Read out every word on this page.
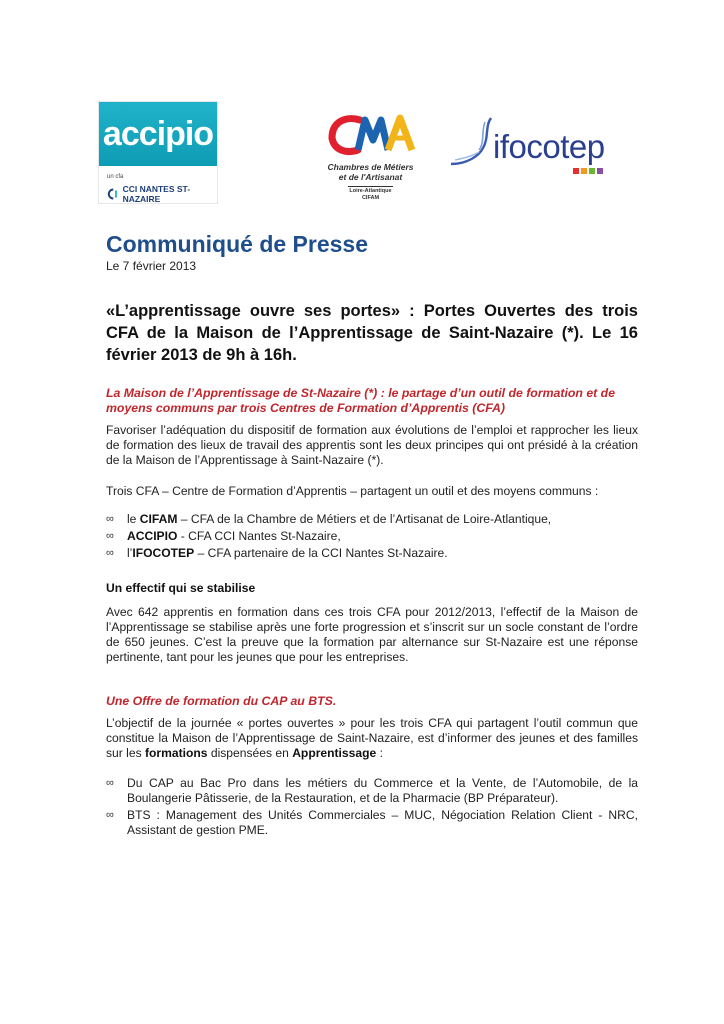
accipio
un cfa
CCI NANTES ST-NAZAIRE
Chambres de Métiers
et de l'Artisanat
Loire-Atlantique
CIFAM
ifocotep
Communiqué de Presse
Le 7 février 2013

«L’apprentissage ouvre ses portes» : Portes Ouvertes des trois CFA de la Maison de l’Apprentissage de Saint-Nazaire (*). Le 16 février 2013 de 9h à 16h.

La Maison de l’Apprentissage de St-Nazaire (*) : le partage d’un outil de formation et de moyens communs par trois Centres de Formation d’Apprentis (CFA)

Favoriser l’adéquation du dispositif de formation aux évolutions de l’emploi et rapprocher les lieux de formation des lieux de travail des apprentis sont les deux principes qui ont présidé à la création de la Maison de l’Apprentissage à Saint-Nazaire (*).

Trois CFA – Centre de Formation d’Apprentis – partagent un outil et des moyens communs :

∞ le CIFAM – CFA de la Chambre de Métiers et de l’Artisanat de Loire-Atlantique,
∞ ACCIPIO - CFA CCI Nantes St-Nazaire,
∞ l’IFOCOTEP – CFA partenaire de la CCI Nantes St-Nazaire.

Un effectif qui se stabilise

Avec 642 apprentis en formation dans ces trois CFA pour 2012/2013, l’effectif de la Maison de l’Apprentissage se stabilise après une forte progression et s’inscrit sur un socle constant de l’ordre de 650 jeunes. C’est la preuve que la formation par alternance sur St-Nazaire est une réponse pertinente, tant pour les jeunes que pour les entreprises.

Une Offre de formation du CAP au BTS.

L’objectif de la journée « portes ouvertes » pour les trois CFA qui partagent l’outil commun que constitue la Maison de l’Apprentissage de Saint-Nazaire, est d’informer des jeunes et des familles sur les formations dispensées en Apprentissage :

∞ Du CAP au Bac Pro dans les métiers du Commerce et la Vente, de l’Automobile, de la Boulangerie Pâtisserie, de la Restauration, et de la Pharmacie (BP Préparateur).
∞ BTS : Management des Unités Commerciales – MUC, Négociation Relation Client - NRC, Assistant de gestion PME.
